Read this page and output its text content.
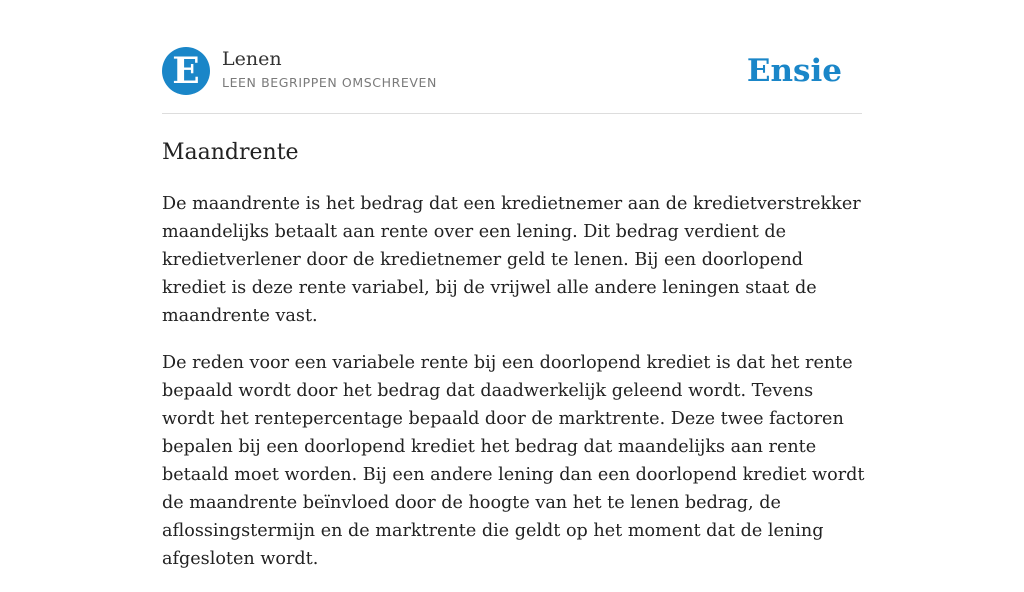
E	Lenen
LEEN BEGRIPPEN OMSCHREVEN	Ensie
Maandrente

De maandrente is het bedrag dat een kredietnemer aan de kredietverstrekker maandelijks betaalt aan rente over een lening. Dit bedrag verdient de kredietverlener door de kredietnemer geld te lenen. Bij een doorlopend krediet is deze rente variabel, bij de vrijwel alle andere leningen staat de maandrente vast.

De reden voor een variabele rente bij een doorlopend krediet is dat het rente bepaald wordt door het bedrag dat daadwerkelijk geleend wordt. Tevens wordt het rentepercentage bepaald door de marktrente. Deze twee factoren bepalen bij een doorlopend krediet het bedrag dat maandelijks aan rente betaald moet worden. Bij een andere lening dan een doorlopend krediet wordt de maandrente beïnvloed door de hoogte van het te lenen bedrag, de aflossingstermijn en de marktrente die geldt op het moment dat de lening afgesloten wordt.
